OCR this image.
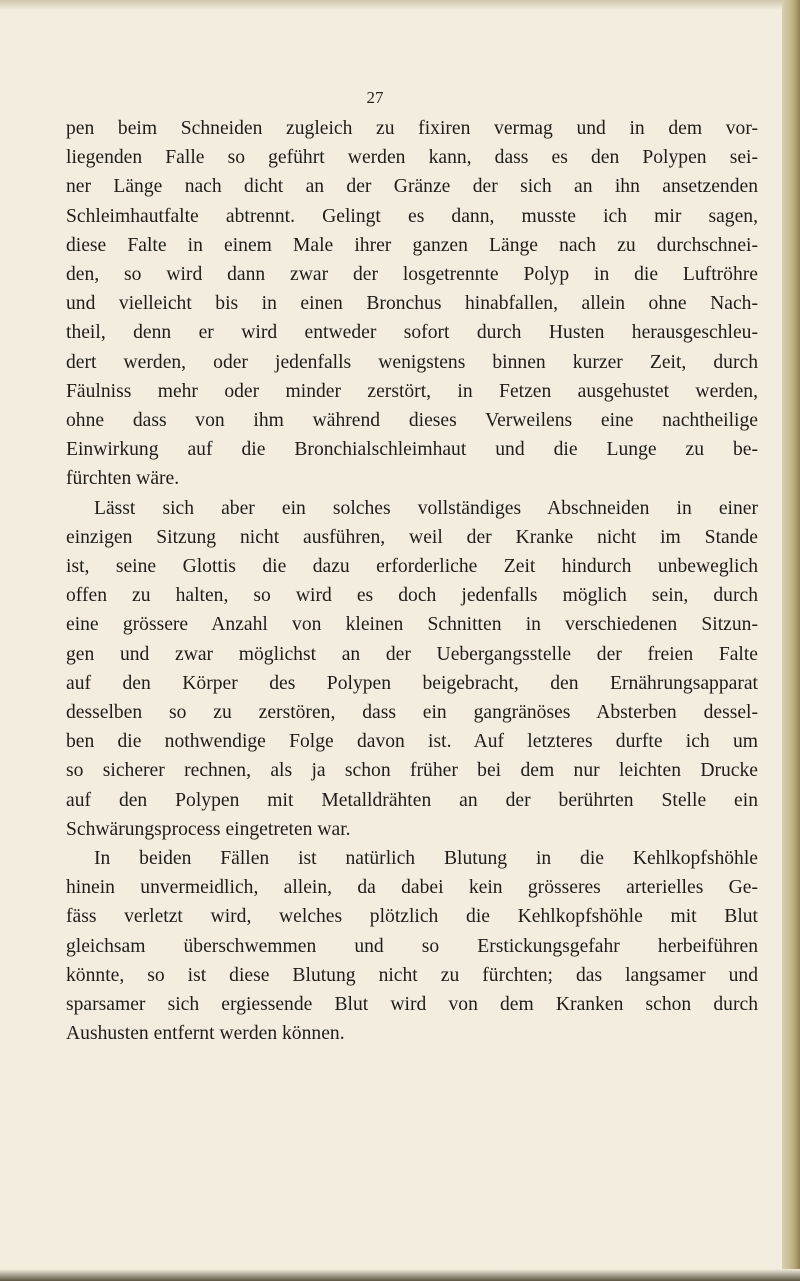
27
pen beim Schneiden zugleich zu fixiren vermag und in dem vor-
liegenden Falle so geführt werden kann, dass es den Polypen sei-
ner Länge nach dicht an der Gränze der sich an ihn ansetzenden
Schleimhautfalte abtrennt. Gelingt es dann, musste ich mir sagen,
diese Falte in einem Male ihrer ganzen Länge nach zu durchschnei-
den, so wird dann zwar der losgetrennte Polyp in die Luftröhre
und vielleicht bis in einen Bronchus hinabfallen, allein ohne Nach-
theil, denn er wird entweder sofort durch Husten herausgeschleu-
dert werden, oder jedenfalls wenigstens binnen kurzer Zeit, durch
Fäulniss mehr oder minder zerstört, in Fetzen ausgehustet werden,
ohne dass von ihm während dieses Verweilens eine nachtheilige
Einwirkung auf die Bronchialschleimhaut und die Lunge zu be-
fürchten wäre.
Lässt sich aber ein solches vollständiges Abschneiden in einer
einzigen Sitzung nicht ausführen, weil der Kranke nicht im Stande
ist, seine Glottis die dazu erforderliche Zeit hindurch unbeweglich
offen zu halten, so wird es doch jedenfalls möglich sein, durch
eine grössere Anzahl von kleinen Schnitten in verschiedenen Sitzun-
gen und zwar möglichst an der Uebergangsstelle der freien Falte
auf den Körper des Polypen beigebracht, den Ernährungsapparat
desselben so zu zerstören, dass ein gangränöses Absterben dessel-
ben die nothwendige Folge davon ist. Auf letzteres durfte ich um
so sicherer rechnen, als ja schon früher bei dem nur leichten Drucke
auf den Polypen mit Metalldrähten an der berührten Stelle ein
Schwärungsprocess eingetreten war.
In beiden Fällen ist natürlich Blutung in die Kehlkopfshöhle
hinein unvermeidlich, allein, da dabei kein grösseres arterielles Ge-
fäss verletzt wird, welches plötzlich die Kehlkopfshöhle mit Blut
gleichsam überschwemmen und so Erstickungsgefahr herbeiführen
könnte, so ist diese Blutung nicht zu fürchten; das langsamer und
sparsamer sich ergiessende Blut wird von dem Kranken schon durch
Aushusten entfernt werden können.
